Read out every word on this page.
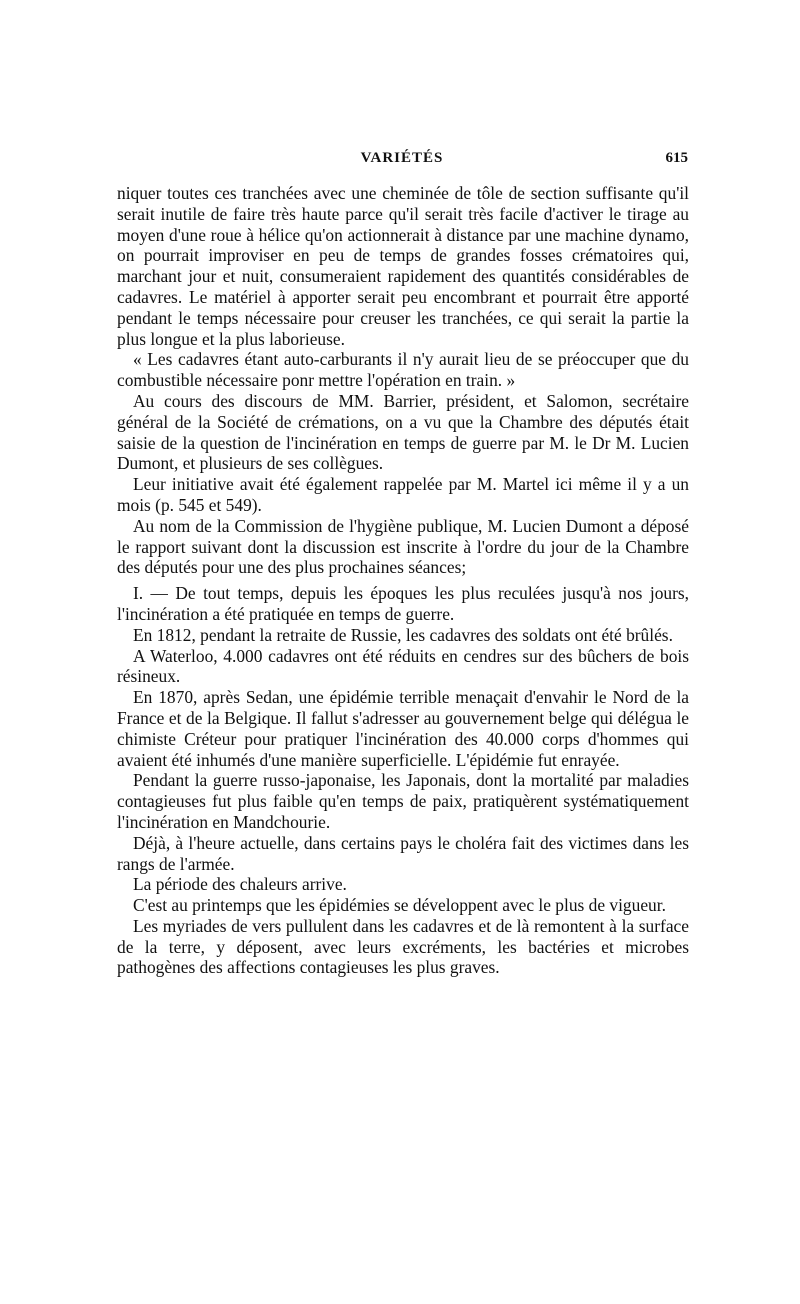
VARIÉTÉS	615

niquer toutes ces tranchées avec une cheminée de tôle de section suffisante qu'il serait inutile de faire très haute parce qu'il serait très facile d'activer le tirage au moyen d'une roue à hélice qu'on actionnerait à distance par une machine dynamo, on pourrait improviser en peu de temps de grandes fosses crématoires qui, marchant jour et nuit, consumeraient rapidement des quantités considérables de cadavres. Le matériel à apporter serait peu encombrant et pourrait être apporté pendant le temps nécessaire pour creuser les tranchées, ce qui serait la partie la plus longue et la plus laborieuse.

« Les cadavres étant auto-carburants il n'y aurait lieu de se préoccuper que du combustible nécessaire ponr mettre l'opération en train. »

Au cours des discours de MM. Barrier, président, et Salomon, secrétaire général de la Société de crémations, on a vu que la Chambre des députés était saisie de la question de l'incinération en temps de guerre par M. le Dr M. Lucien Dumont, et plusieurs de ses collègues.

Leur initiative avait été également rappelée par M. Martel ici même il y a un mois (p. 545 et 549).

Au nom de la Commission de l'hygiène publique, M. Lucien Dumont a déposé le rapport suivant dont la discussion est inscrite à l'ordre du jour de la Chambre des députés pour une des plus prochaines séances;

I. — De tout temps, depuis les époques les plus reculées jusqu'à nos jours, l'incinération a été pratiquée en temps de guerre.

En 1812, pendant la retraite de Russie, les cadavres des soldats ont été brûlés.

A Waterloo, 4.000 cadavres ont été réduits en cendres sur des bûchers de bois résineux.

En 1870, après Sedan, une épidémie terrible menaçait d'envahir le Nord de la France et de la Belgique. Il fallut s'adresser au gouvernement belge qui délégua le chimiste Créteur pour pratiquer l'incinération des 40.000 corps d'hommes qui avaient été inhumés d'une manière superficielle. L'épidémie fut enrayée.

Pendant la guerre russo-japonaise, les Japonais, dont la mortalité par maladies contagieuses fut plus faible qu'en temps de paix, pratiquèrent systématiquement l'incinération en Mandchourie.

Déjà, à l'heure actuelle, dans certains pays le choléra fait des victimes dans les rangs de l'armée.

La période des chaleurs arrive.

C'est au printemps que les épidémies se développent avec le plus de vigueur.

Les myriades de vers pullulent dans les cadavres et de là remontent à la surface de la terre, y déposent, avec leurs excréments, les bactéries et microbes pathogènes des affections contagieuses les plus graves.
